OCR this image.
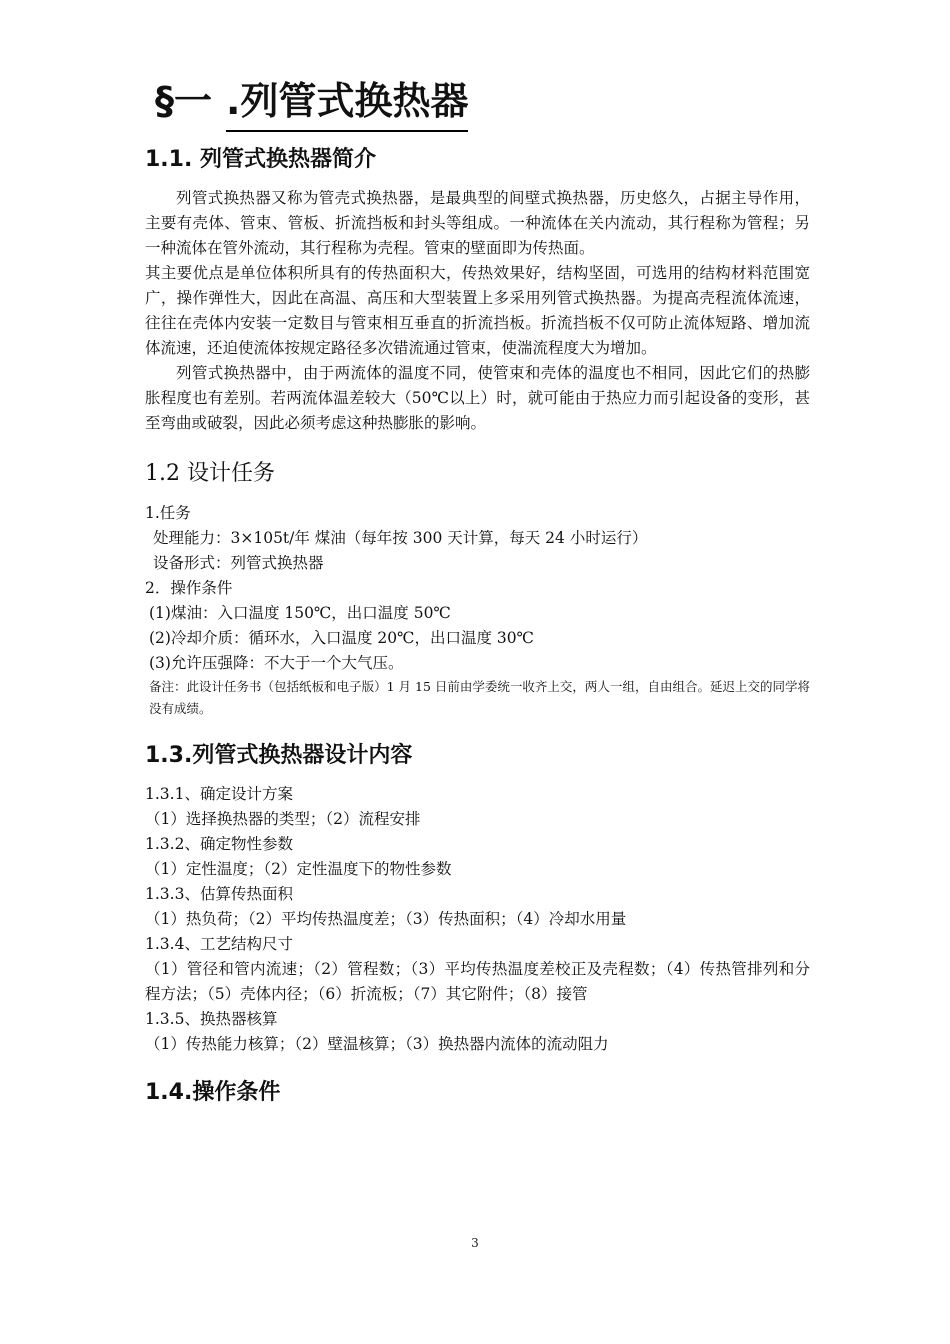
§一 .列管式换热器
1.1. 列管式换热器简介

列管式换热器又称为管壳式换热器，是最典型的间壁式换热器，历史悠久，占据主导作用，主要有壳体、管束、管板、折流挡板和封头等组成。一种流体在关内流动，其行程称为管程；另一种流体在管外流动，其行程称为壳程。管束的壁面即为传热面。

其主要优点是单位体积所具有的传热面积大，传热效果好，结构坚固，可选用的结构材料范围宽广，操作弹性大，因此在高温、高压和大型装置上多采用列管式换热器。为提高壳程流体流速，往往在壳体内安装一定数目与管束相互垂直的折流挡板。折流挡板不仅可防止流体短路、增加流体流速，还迫使流体按规定路径多次错流通过管束，使湍流程度大为增加。

列管式换热器中，由于两流体的温度不同，使管束和壳体的温度也不相同，因此它们的热膨胀程度也有差别。若两流体温差较大（50℃以上）时，就可能由于热应力而引起设备的变形，甚至弯曲或破裂，因此必须考虑这种热膨胀的影响。

1.2 设计任务
1.任务
处理能力：3×105t/年 煤油（每年按 300 天计算，每天 24 小时运行）
设备形式：列管式换热器
2．操作条件
(1)煤油：入口温度 150℃，出口温度 50℃
(2)冷却介质：循环水，入口温度 20℃，出口温度 30℃
(3)允许压强降：不大于一个大气压。
备注：此设计任务书（包括纸板和电子版）1 月 15 日前由学委统一收齐上交，两人一组，自由组合。延迟上交的同学将没有成绩。
1.3.列管式换热器设计内容
1.3.1、确定设计方案
（1）选择换热器的类型；（2）流程安排
1.3.2、确定物性参数
（1）定性温度；（2）定性温度下的物性参数
1.3.3、估算传热面积
（1）热负荷；（2）平均传热温度差；（3）传热面积；（4）冷却水用量
1.3.4、工艺结构尺寸
（1）管径和管内流速；（2）管程数；（3）平均传热温度差校正及壳程数；（4）传热管排列和分程方法；（5）壳体内径；（6）折流板；（7）其它附件；（8）接管
1.3.5、换热器核算
（1）传热能力核算；（2）壁温核算；（3）换热器内流体的流动阻力
1.4.操作条件
3
